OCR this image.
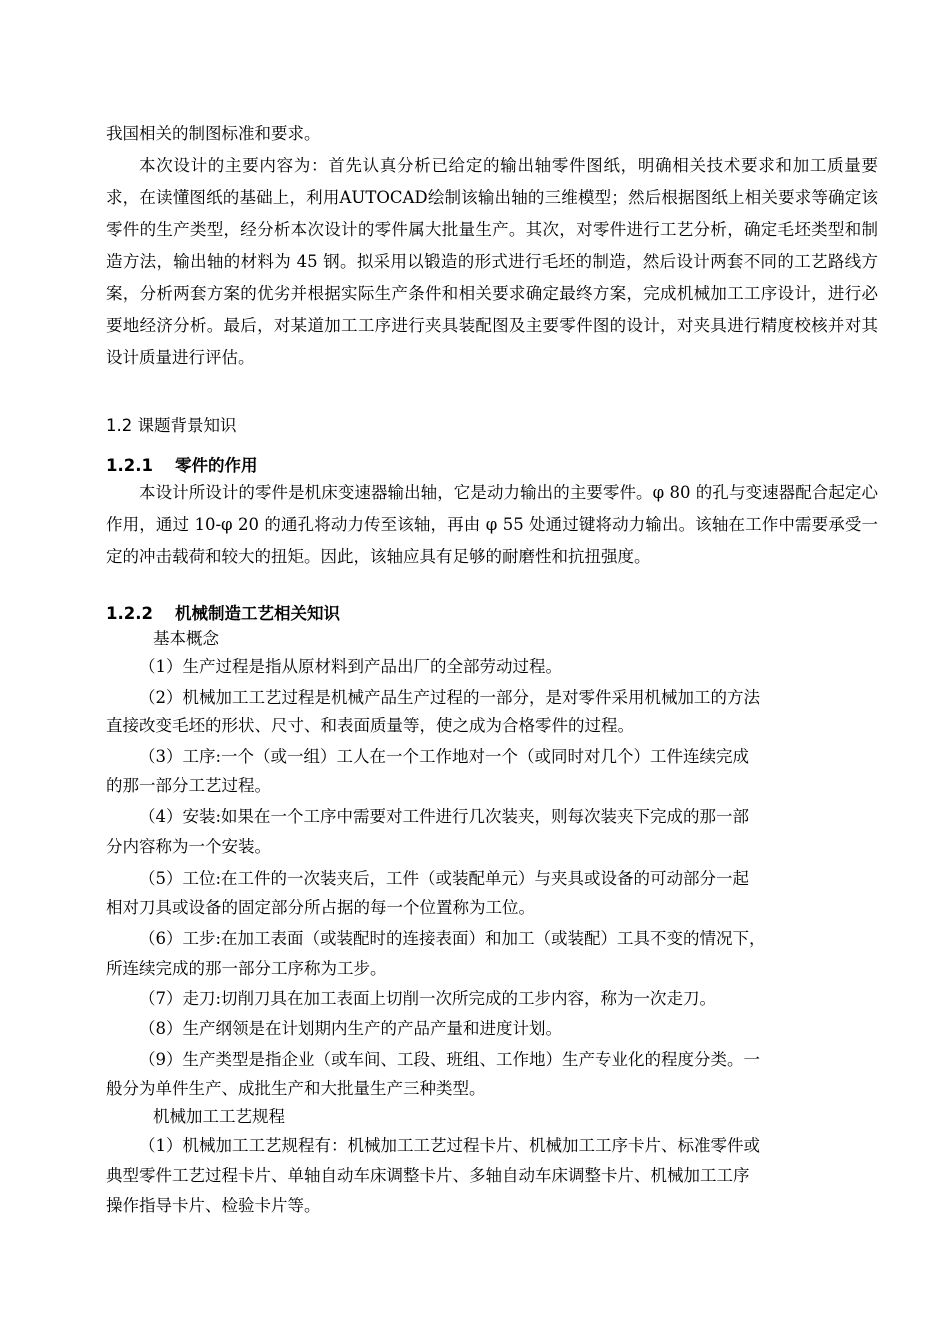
我国相关的制图标准和要求。
本次设计的主要内容为：首先认真分析已给定的输出轴零件图纸，明确相关技术要求和加工质量要求，在读懂图纸的基础上，利用AUTOCAD绘制该输出轴的三维模型；然后根据图纸上相关要求等确定该零件的生产类型，经分析本次设计的零件属大批量生产。其次，对零件进行工艺分析，确定毛坯类型和制造方法，输出轴的材料为 45 钢。拟采用以锻造的形式进行毛坯的制造，然后设计两套不同的工艺路线方案，分析两套方案的优劣并根据实际生产条件和相关要求确定最终方案，完成机械加工工序设计，进行必要地经济分析。最后，对某道加工工序进行夹具装配图及主要零件图的设计，对夹具进行精度校核并对其设计质量进行评估。
1.2 课题背景知识
1.2.1 零件的作用
本设计所设计的零件是机床变速器输出轴，它是动力输出的主要零件。φ 80 的孔与变速器配合起定心作用，通过 10-φ 20 的通孔将动力传至该轴，再由 φ 55 处通过键将动力输出。该轴在工作中需要承受一定的冲击载荷和较大的扭矩。因此，该轴应具有足够的耐磨性和抗扭强度。
1.2.2 机械制造工艺相关知识
基本概念
（1）生产过程是指从原材料到产品出厂的全部劳动过程。
（2）机械加工工艺过程是机械产品生产过程的一部分，是对零件采用机械加工的方法
直接改变毛坯的形状、尺寸、和表面质量等，使之成为合格零件的过程。
（3）工序:一个（或一组）工人在一个工作地对一个（或同时对几个）工件连续完成
的那一部分工艺过程。
（4）安装:如果在一个工序中需要对工件进行几次装夹，则每次装夹下完成的那一部
分内容称为一个安装。
（5）工位:在工件的一次装夹后，工件（或装配单元）与夹具或设备的可动部分一起
相对刀具或设备的固定部分所占据的每一个位置称为工位。
（6）工步:在加工表面（或装配时的连接表面）和加工（或装配）工具不变的情况下，
所连续完成的那一部分工序称为工步。
（7）走刀:切削刀具在加工表面上切削一次所完成的工步内容，称为一次走刀。
（8）生产纲领是在计划期内生产的产品产量和进度计划。
（9）生产类型是指企业（或车间、工段、班组、工作地）生产专业化的程度分类。一
般分为单件生产、成批生产和大批量生产三种类型。
机械加工工艺规程
（1）机械加工工艺规程有：机械加工工艺过程卡片、机械加工工序卡片、标准零件或
典型零件工艺过程卡片、单轴自动车床调整卡片、多轴自动车床调整卡片、机械加工工序
操作指导卡片、检验卡片等。
